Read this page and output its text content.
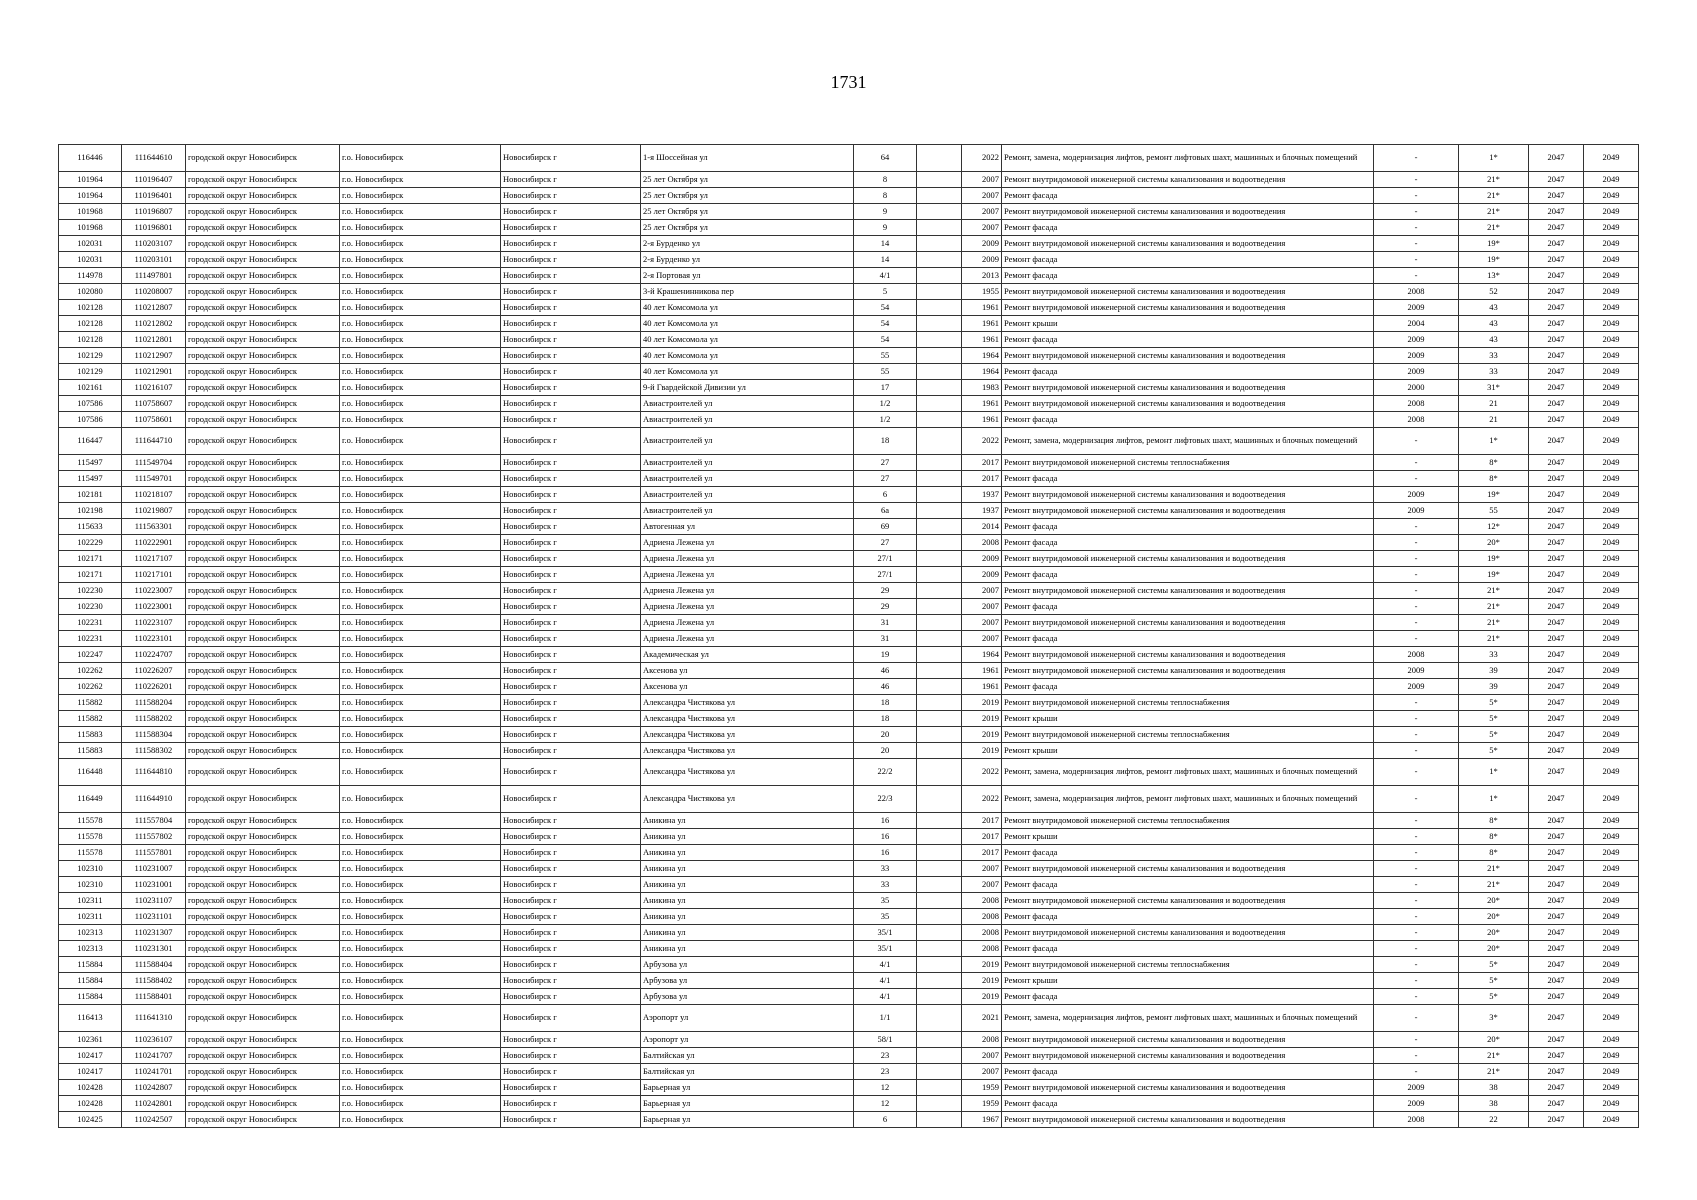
1731
116446	111644610	городской округ Новосибирск	г.о. Новосибирск	Новосибирск г	1-я Шоссейная ул	64		2022	Ремонт, замена, модернизация лифтов, ремонт лифтовых шахт, машинных и блочных помещений	-	1*	2047	2049
101964	110196407	городской округ Новосибирск	г.о. Новосибирск	Новосибирск г	25 лет Октября ул	8		2007	Ремонт внутридомовой инженерной системы канализования и водоотведения	-	21*	2047	2049
101964	110196401	городской округ Новосибирск	г.о. Новосибирск	Новосибирск г	25 лет Октября ул	8		2007	Ремонт фасада	-	21*	2047	2049
101968	110196807	городской округ Новосибирск	г.о. Новосибирск	Новосибирск г	25 лет Октября ул	9		2007	Ремонт внутридомовой инженерной системы канализования и водоотведения	-	21*	2047	2049
101968	110196801	городской округ Новосибирск	г.о. Новосибирск	Новосибирск г	25 лет Октября ул	9		2007	Ремонт фасада	-	21*	2047	2049
102031	110203107	городской округ Новосибирск	г.о. Новосибирск	Новосибирск г	2-я Бурденко ул	14		2009	Ремонт внутридомовой инженерной системы канализования и водоотведения	-	19*	2047	2049
102031	110203101	городской округ Новосибирск	г.о. Новосибирск	Новосибирск г	2-я Бурденко ул	14		2009	Ремонт фасада	-	19*	2047	2049
114978	111497801	городской округ Новосибирск	г.о. Новосибирск	Новосибирск г	2-я Портовая ул	4/1		2013	Ремонт фасада	-	13*	2047	2049
102080	110208007	городской округ Новосибирск	г.о. Новосибирск	Новосибирск г	3-й Крашенинникова пер	5		1955	Ремонт внутридомовой инженерной системы канализования и водоотведения	2008	52	2047	2049
102128	110212807	городской округ Новосибирск	г.о. Новосибирск	Новосибирск г	40 лет Комсомола ул	54		1961	Ремонт внутридомовой инженерной системы канализования и водоотведения	2009	43	2047	2049
102128	110212802	городской округ Новосибирск	г.о. Новосибирск	Новосибирск г	40 лет Комсомола ул	54		1961	Ремонт крыши	2004	43	2047	2049
102128	110212801	городской округ Новосибирск	г.о. Новосибирск	Новосибирск г	40 лет Комсомола ул	54		1961	Ремонт фасада	2009	43	2047	2049
102129	110212907	городской округ Новосибирск	г.о. Новосибирск	Новосибирск г	40 лет Комсомола ул	55		1964	Ремонт внутридомовой инженерной системы канализования и водоотведения	2009	33	2047	2049
102129	110212901	городской округ Новосибирск	г.о. Новосибирск	Новосибирск г	40 лет Комсомола ул	55		1964	Ремонт фасада	2009	33	2047	2049
102161	110216107	городской округ Новосибирск	г.о. Новосибирск	Новосибирск г	9-й Гвардейской Дивизии ул	17		1983	Ремонт внутридомовой инженерной системы канализования и водоотведения	2000	31*	2047	2049
107586	110758607	городской округ Новосибирск	г.о. Новосибирск	Новосибирск г	Авиастроителей ул	1/2		1961	Ремонт внутридомовой инженерной системы канализования и водоотведения	2008	21	2047	2049
107586	110758601	городской округ Новосибирск	г.о. Новосибирск	Новосибирск г	Авиастроителей ул	1/2		1961	Ремонт фасада	2008	21	2047	2049
116447	111644710	городской округ Новосибирск	г.о. Новосибирск	Новосибирск г	Авиастроителей ул	18		2022	Ремонт, замена, модернизация лифтов, ремонт лифтовых шахт, машинных и блочных помещений	-	1*	2047	2049
115497	111549704	городской округ Новосибирск	г.о. Новосибирск	Новосибирск г	Авиастроителей ул	27		2017	Ремонт внутридомовой инженерной системы теплоснабжения	-	8*	2047	2049
115497	111549701	городской округ Новосибирск	г.о. Новосибирск	Новосибирск г	Авиастроителей ул	27		2017	Ремонт фасада	-	8*	2047	2049
102181	110218107	городской округ Новосибирск	г.о. Новосибирск	Новосибирск г	Авиастроителей ул	6		1937	Ремонт внутридомовой инженерной системы канализования и водоотведения	2009	19*	2047	2049
102198	110219807	городской округ Новосибирск	г.о. Новосибирск	Новосибирск г	Авиастроителей ул	6а		1937	Ремонт внутридомовой инженерной системы канализования и водоотведения	2009	55	2047	2049
115633	111563301	городской округ Новосибирск	г.о. Новосибирск	Новосибирск г	Автогенная ул	69		2014	Ремонт фасада	-	12*	2047	2049
102229	110222901	городской округ Новосибирск	г.о. Новосибирск	Новосибирск г	Адриена Лежена ул	27		2008	Ремонт фасада	-	20*	2047	2049
102171	110217107	городской округ Новосибирск	г.о. Новосибирск	Новосибирск г	Адриена Лежена ул	27/1		2009	Ремонт внутридомовой инженерной системы канализования и водоотведения	-	19*	2047	2049
102171	110217101	городской округ Новосибирск	г.о. Новосибирск	Новосибирск г	Адриена Лежена ул	27/1		2009	Ремонт фасада	-	19*	2047	2049
102230	110223007	городской округ Новосибирск	г.о. Новосибирск	Новосибирск г	Адриена Лежена ул	29		2007	Ремонт внутридомовой инженерной системы канализования и водоотведения	-	21*	2047	2049
102230	110223001	городской округ Новосибирск	г.о. Новосибирск	Новосибирск г	Адриена Лежена ул	29		2007	Ремонт фасада	-	21*	2047	2049
102231	110223107	городской округ Новосибирск	г.о. Новосибирск	Новосибирск г	Адриена Лежена ул	31		2007	Ремонт внутридомовой инженерной системы канализования и водоотведения	-	21*	2047	2049
102231	110223101	городской округ Новосибирск	г.о. Новосибирск	Новосибирск г	Адриена Лежена ул	31		2007	Ремонт фасада	-	21*	2047	2049
102247	110224707	городской округ Новосибирск	г.о. Новосибирск	Новосибирск г	Академическая ул	19		1964	Ремонт внутридомовой инженерной системы канализования и водоотведения	2008	33	2047	2049
102262	110226207	городской округ Новосибирск	г.о. Новосибирск	Новосибирск г	Аксенова ул	46		1961	Ремонт внутридомовой инженерной системы канализования и водоотведения	2009	39	2047	2049
102262	110226201	городской округ Новосибирск	г.о. Новосибирск	Новосибирск г	Аксенова ул	46		1961	Ремонт фасада	2009	39	2047	2049
115882	111588204	городской округ Новосибирск	г.о. Новосибирск	Новосибирск г	Александра Чистякова ул	18		2019	Ремонт внутридомовой инженерной системы теплоснабжения	-	5*	2047	2049
115882	111588202	городской округ Новосибирск	г.о. Новосибирск	Новосибирск г	Александра Чистякова ул	18		2019	Ремонт крыши	-	5*	2047	2049
115883	111588304	городской округ Новосибирск	г.о. Новосибирск	Новосибирск г	Александра Чистякова ул	20		2019	Ремонт внутридомовой инженерной системы теплоснабжения	-	5*	2047	2049
115883	111588302	городской округ Новосибирск	г.о. Новосибирск	Новосибирск г	Александра Чистякова ул	20		2019	Ремонт крыши	-	5*	2047	2049
116448	111644810	городской округ Новосибирск	г.о. Новосибирск	Новосибирск г	Александра Чистякова ул	22/2		2022	Ремонт, замена, модернизация лифтов, ремонт лифтовых шахт, машинных и блочных помещений	-	1*	2047	2049
116449	111644910	городской округ Новосибирск	г.о. Новосибирск	Новосибирск г	Александра Чистякова ул	22/3		2022	Ремонт, замена, модернизация лифтов, ремонт лифтовых шахт, машинных и блочных помещений	-	1*	2047	2049
115578	111557804	городской округ Новосибирск	г.о. Новосибирск	Новосибирск г	Аникина ул	16		2017	Ремонт внутридомовой инженерной системы теплоснабжения	-	8*	2047	2049
115578	111557802	городской округ Новосибирск	г.о. Новосибирск	Новосибирск г	Аникина ул	16		2017	Ремонт крыши	-	8*	2047	2049
115578	111557801	городской округ Новосибирск	г.о. Новосибирск	Новосибирск г	Аникина ул	16		2017	Ремонт фасада	-	8*	2047	2049
102310	110231007	городской округ Новосибирск	г.о. Новосибирск	Новосибирск г	Аникина ул	33		2007	Ремонт внутридомовой инженерной системы канализования и водоотведения	-	21*	2047	2049
102310	110231001	городской округ Новосибирск	г.о. Новосибирск	Новосибирск г	Аникина ул	33		2007	Ремонт фасада	-	21*	2047	2049
102311	110231107	городской округ Новосибирск	г.о. Новосибирск	Новосибирск г	Аникина ул	35		2008	Ремонт внутридомовой инженерной системы канализования и водоотведения	-	20*	2047	2049
102311	110231101	городской округ Новосибирск	г.о. Новосибирск	Новосибирск г	Аникина ул	35		2008	Ремонт фасада	-	20*	2047	2049
102313	110231307	городской округ Новосибирск	г.о. Новосибирск	Новосибирск г	Аникина ул	35/1		2008	Ремонт внутридомовой инженерной системы канализования и водоотведения	-	20*	2047	2049
102313	110231301	городской округ Новосибирск	г.о. Новосибирск	Новосибирск г	Аникина ул	35/1		2008	Ремонт фасада	-	20*	2047	2049
115884	111588404	городской округ Новосибирск	г.о. Новосибирск	Новосибирск г	Арбузова ул	4/1		2019	Ремонт внутридомовой инженерной системы теплоснабжения	-	5*	2047	2049
115884	111588402	городской округ Новосибирск	г.о. Новосибирск	Новосибирск г	Арбузова ул	4/1		2019	Ремонт крыши	-	5*	2047	2049
115884	111588401	городской округ Новосибирск	г.о. Новосибирск	Новосибирск г	Арбузова ул	4/1		2019	Ремонт фасада	-	5*	2047	2049
116413	111641310	городской округ Новосибирск	г.о. Новосибирск	Новосибирск г	Аэропорт ул	1/1		2021	Ремонт, замена, модернизация лифтов, ремонт лифтовых шахт, машинных и блочных помещений	-	3*	2047	2049
102361	110236107	городской округ Новосибирск	г.о. Новосибирск	Новосибирск г	Аэропорт ул	58/1		2008	Ремонт внутридомовой инженерной системы канализования и водоотведения	-	20*	2047	2049
102417	110241707	городской округ Новосибирск	г.о. Новосибирск	Новосибирск г	Балтийская ул	23		2007	Ремонт внутридомовой инженерной системы канализования и водоотведения	-	21*	2047	2049
102417	110241701	городской округ Новосибирск	г.о. Новосибирск	Новосибирск г	Балтийская ул	23		2007	Ремонт фасада	-	21*	2047	2049
102428	110242807	городской округ Новосибирск	г.о. Новосибирск	Новосибирск г	Барьерная ул	12		1959	Ремонт внутридомовой инженерной системы канализования и водоотведения	2009	38	2047	2049
102428	110242801	городской округ Новосибирск	г.о. Новосибирск	Новосибирск г	Барьерная ул	12		1959	Ремонт фасада	2009	38	2047	2049
102425	110242507	городской округ Новосибирск	г.о. Новосибирск	Новосибирск г	Барьерная ул	6		1967	Ремонт внутридомовой инженерной системы канализования и водоотведения	2008	22	2047	2049
